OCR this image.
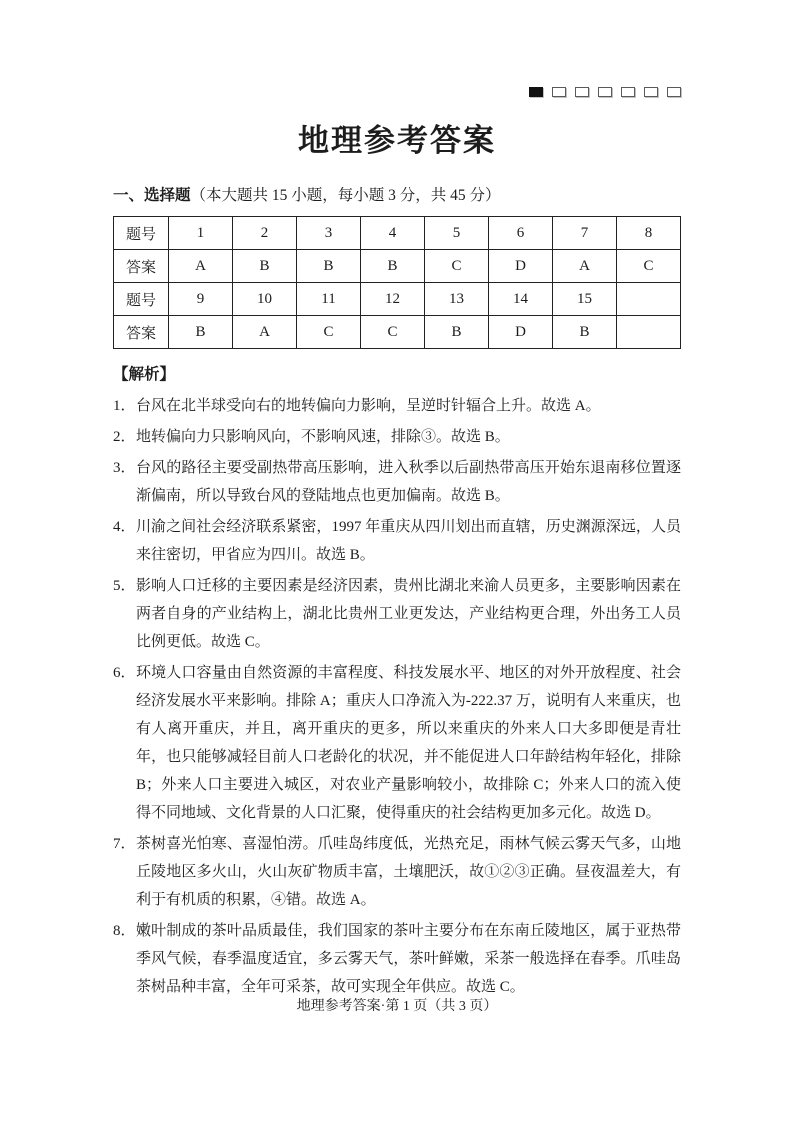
地理参考答案
一、选择题（本大题共 15 小题，每小题 3 分，共 45 分）
题号	1	2	3	4	5	6	7	8
答案	A	B	B	B	C	D	A	C
题号	9	10	11	12	13	14	15	
答案	B	A	C	C	B	D	B	
【解析】
1． 台风在北半球受向右的地转偏向力影响，呈逆时针辐合上升。故选 A。
2． 地转偏向力只影响风向，不影响风速，排除③。故选 B。
3． 台风的路径主要受副热带高压影响，进入秋季以后副热带高压开始东退南移位置逐渐偏南，所以导致台风的登陆地点也更加偏南。故选 B。
4． 川渝之间社会经济联系紧密，1997 年重庆从四川划出而直辖，历史渊源深远，人员来往密切，甲省应为四川。故选 B。
5． 影响人口迁移的主要因素是经济因素，贵州比湖北来渝人员更多，主要影响因素在两者自身的产业结构上，湖北比贵州工业更发达，产业结构更合理，外出务工人员比例更低。故选 C。
6． 环境人口容量由自然资源的丰富程度、科技发展水平、地区的对外开放程度、社会经济发展水平来影响。排除 A；重庆人口净流入为-222.37 万，说明有人来重庆，也有人离开重庆，并且，离开重庆的更多，所以来重庆的外来人口大多即便是青壮年，也只能够减轻目前人口老龄化的状况，并不能促进人口年龄结构年轻化，排除 B；外来人口主要进入城区，对农业产量影响较小，故排除 C；外来人口的流入使得不同地域、文化背景的人口汇聚，使得重庆的社会结构更加多元化。故选 D。
7． 茶树喜光怕寒、喜湿怕涝。爪哇岛纬度低，光热充足，雨林气候云雾天气多，山地丘陵地区多火山，火山灰矿物质丰富，土壤肥沃，故①②③正确。昼夜温差大，有利于有机质的积累，④错。故选 A。
8． 嫩叶制成的茶叶品质最佳，我们国家的茶叶主要分布在东南丘陵地区，属于亚热带季风气候，春季温度适宜，多云雾天气，茶叶鲜嫩，采茶一般选择在春季。爪哇岛茶树品种丰富，全年可采茶，故可实现全年供应。故选 C。
地理参考答案·第 1 页（共 3 页）
